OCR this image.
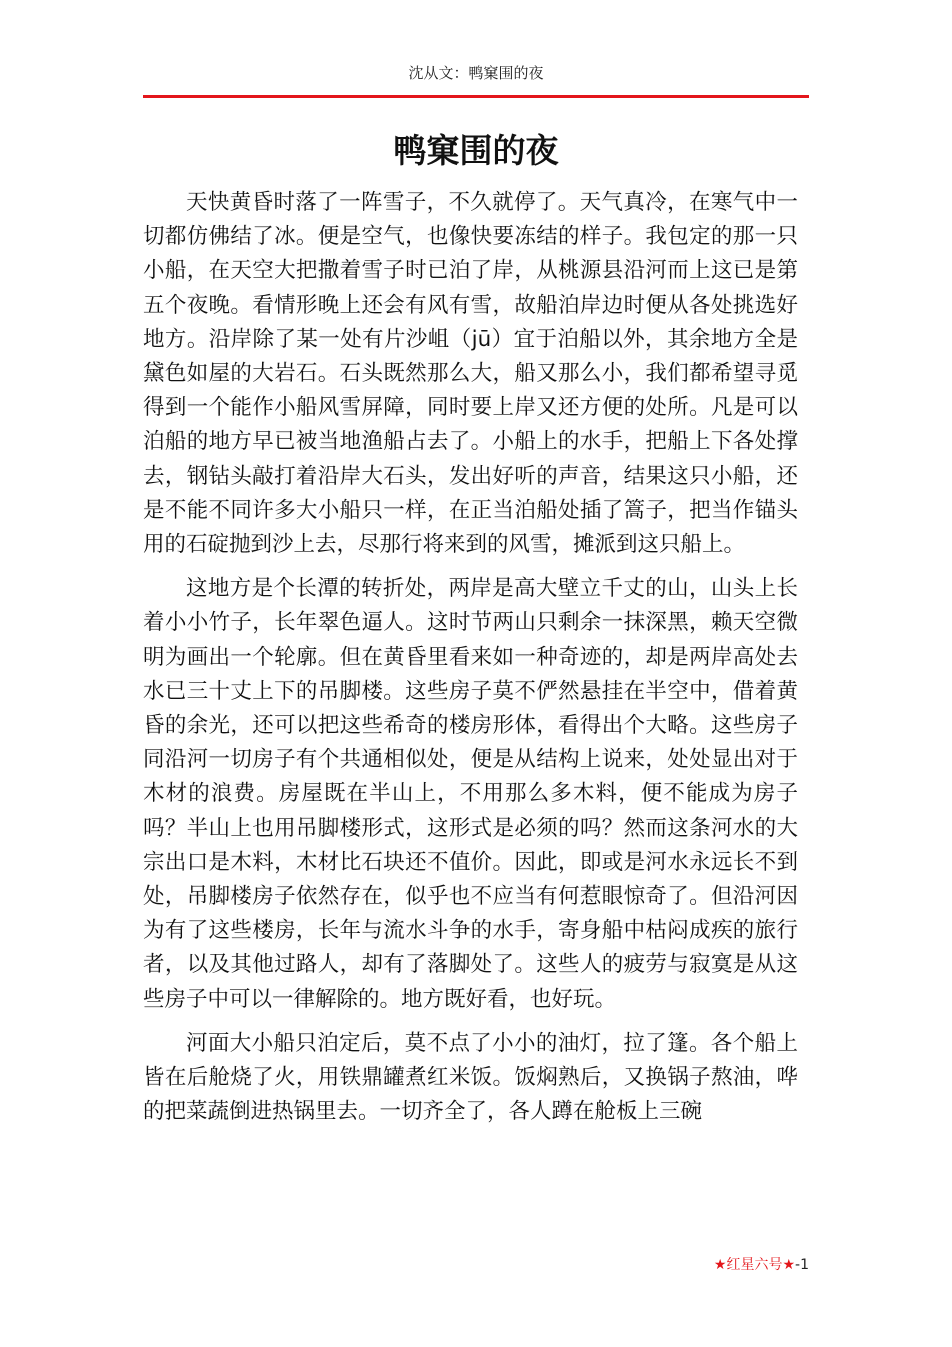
沈从文：鸭窠围的夜
鸭窠围的夜

天快黄昏时落了一阵雪子，不久就停了。天气真冷，在寒气中一切都仿佛结了冰。便是空气，也像快要冻结的样子。我包定的那一只小船，在天空大把撒着雪子时已泊了岸，从桃源县沿河而上这已是第五个夜晚。看情形晚上还会有风有雪，故船泊岸边时便从各处挑选好地方。沿岸除了某一处有片沙岨（jū）宜于泊船以外，其余地方全是黛色如屋的大岩石。石头既然那么大，船又那么小，我们都希望寻觅得到一个能作小船风雪屏障，同时要上岸又还方便的处所。凡是可以泊船的地方早已被当地渔船占去了。小船上的水手，把船上下各处撑去，钢钻头敲打着沿岸大石头，发出好听的声音，结果这只小船，还是不能不同许多大小船只一样，在正当泊船处插了篙子，把当作锚头用的石碇抛到沙上去，尽那行将来到的风雪，摊派到这只船上。

这地方是个长潭的转折处，两岸是高大壁立千丈的山，山头上长着小小竹子，长年翠色逼人。这时节两山只剩余一抹深黑，赖天空微明为画出一个轮廓。但在黄昏里看来如一种奇迹的，却是两岸高处去水已三十丈上下的吊脚楼。这些房子莫不俨然悬挂在半空中，借着黄昏的余光，还可以把这些希奇的楼房形体，看得出个大略。这些房子同沿河一切房子有个共通相似处，便是从结构上说来，处处显出对于木材的浪费。房屋既在半山上，不用那么多木料，便不能成为房子吗？半山上也用吊脚楼形式，这形式是必须的吗？然而这条河水的大宗出口是木料，木材比石块还不值价。因此，即或是河水永远长不到处，吊脚楼房子依然存在，似乎也不应当有何惹眼惊奇了。但沿河因为有了这些楼房，长年与流水斗争的水手，寄身船中枯闷成疾的旅行者，以及其他过路人，却有了落脚处了。这些人的疲劳与寂寞是从这些房子中可以一律解除的。地方既好看，也好玩。

河面大小船只泊定后，莫不点了小小的油灯，拉了篷。各个船上皆在后舱烧了火，用铁鼎罐煮红米饭。饭焖熟后，又换锅子熬油，哗的把菜蔬倒进热锅里去。一切齐全了，各人蹲在舱板上三碗

★红星六号★-1
